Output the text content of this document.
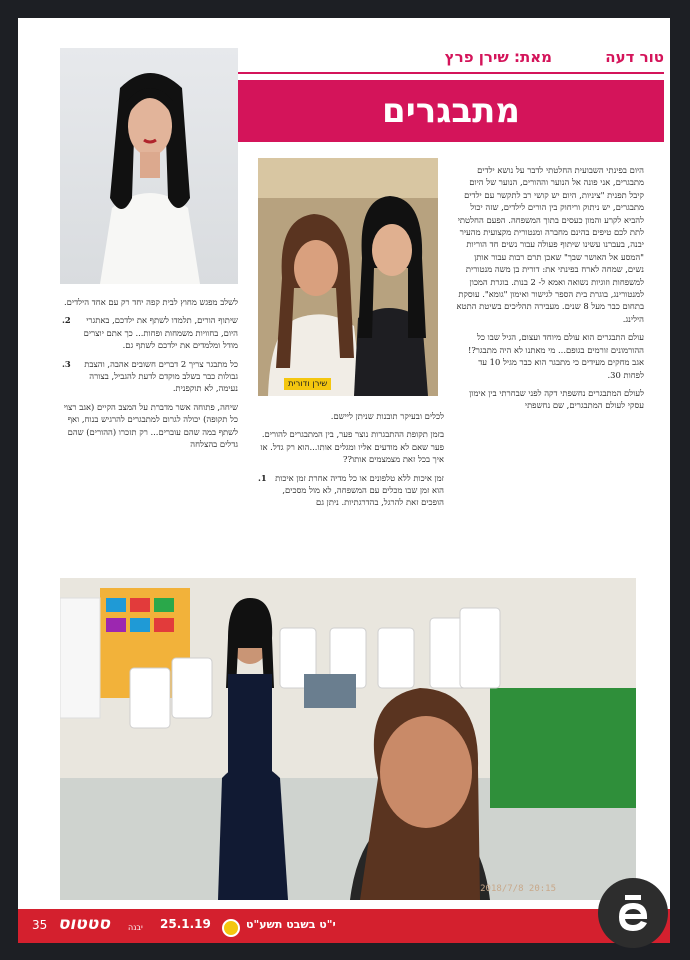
טור דעה
מאת: שירן פרץ
מתבגרים
שירן ודורית

היום בפינתי השבועית החלטתי לדבר על נושא ילדים מתבגרים, אני פונה אל הנוער וההורים, הנוער של היום קיבל תפנית "ציניות, היום יש קושי רב לתקשר עם ילדים מתבגרים, יש ניתוק וריחוק בין הורים לילדים, שזה יכול להביא לקרע והמון כעסים בתוך המשפחה. הפעם החלטתי לתת לכם טיפים בהינם מחברה ומנטורית מקצועית מהעיר יבנה, בעברנו עשינו שיתוף פעולה עבור נשים חד הוריות "המסע אל האושר שבך" שאכן תרם רבות עבור אותן נשים, שמחה לארח בפינתי את: דורית בן משה מנטורית למשפחות וזוגיות נשואה ואמא ל- 2 בנות. בוגרת המכון למנטורינג, בוגרת בית הספר לגישור ואימון "גומא". עוסקת בתחום כבר מעל 8 שנים. מעבירה תהליכים בשיטת התטא הילינג.

עולם התבגרים הוא עולם מיוחד ועצום, הגיל שבו כל ההורמונים זורמים בגופם... מי מאתנו לא היה מתבגר?! אגב מחקים מעידים כי מתבגר הוא כבר מגיל 10 עד לפחות 30.

לעולם המתבגרים נחשפתי דקה לפני שבחרתי בין אימון עסקי לעולם המתבגרים, שם נחשפתי

לכלים ובעיקר תובנות שניתן ליישם.

בזמן תקופת ההתבגרות נוצר פער, בין המתבגרים להורים. פער שאם לא מודעים אליו ומגלים אותו...הוא רק גדל. אז איך בכל זאת מצמצמים אותו??

1. זמן איכות ללא טלפונים או כל מדיה אחרת זמן איכות הוא זמן שבו מכלים עם המשפחה, לא מול מסכים, הופכים זאת להרגל, בהדרגתיות. ניתן גם

לשלב מפגש מחוץ לבית קפה יחד רק עם אחד הילדים.

2.	שיתוף הורים, תלמדו לשתף את ילדכם, באתגרי היום, בחוויות משמחות ופחות... כך אתם יוצרים מודל ומלמדים את ילדכם לשתף גם.
3.	כל מתבגר צריך 2 דברים חשובים אהבה, והצבת גבולות כבר בשלב מוקדם לדעת להגביל, בצורה נעימה, לא תוקפנית.

שיחה, פתוחה אשר מדברת על המצב הקיים (אגב רצוי כל תקופה) יכולה לגרום למתבגרים להרגיש בנוח, ואף לשתף במה שהם עוברים... רק תזכרו (ההורים) שהם גדלים בהצלחה

2018/7/8 20:15
35 סטטוס יבנה 25.1.19	י"ט בשבט תשע"ט
